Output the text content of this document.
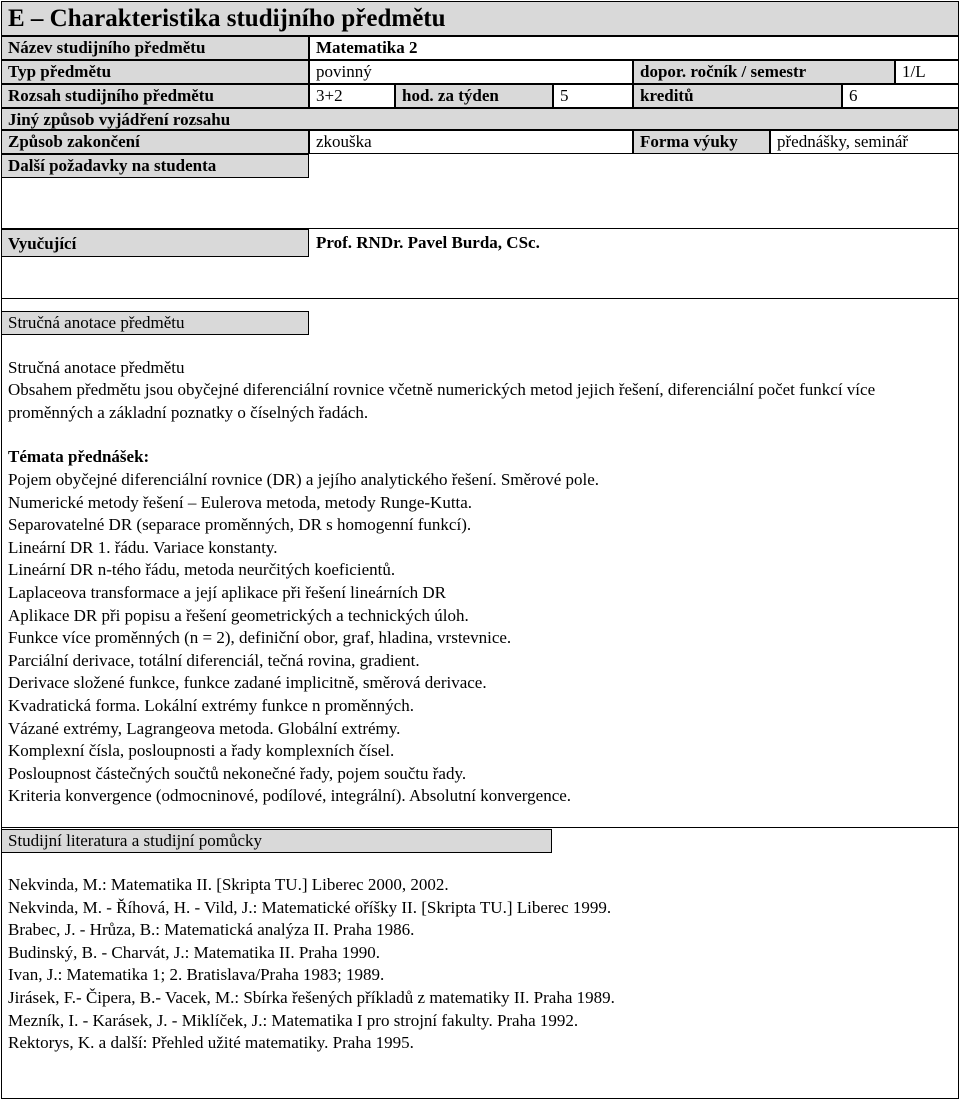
E – Charakteristika studijního předmětu
Název studijního předmětu	Matematika 2
Typ předmětu	povinný	dopor. ročník / semestr	1/L
Rozsah studijního předmětu	3+2	hod. za týden	5	kreditů	6
Jiný způsob vyjádření rozsahu
Způsob zakončení	zkouška	Forma výuky	přednášky, seminář
Další požadavky na studenta
Vyučující	Prof. RNDr. Pavel Burda, CSc.
Stručná anotace předmětu

Stručná anotace předmětu

Obsahem předmětu jsou obyčejné diferenciální rovnice včetně numerických metod jejich řešení, diferenciální počet funkcí více proměnných a základní poznatky o číselných řadách.

Témata přednášek:

Pojem obyčejné diferenciální rovnice (DR) a jejího analytického řešení. Směrové pole.

Numerické metody řešení – Eulerova metoda, metody Runge-Kutta.

Separovatelné DR (separace proměnných, DR s homogenní funkcí).

Lineární DR 1. řádu. Variace konstanty.

Lineární DR n-tého řádu, metoda neurčitých koeficientů.

Laplaceova transformace a její aplikace při řešení lineárních DR

Aplikace DR při popisu a řešení geometrických a technických úloh.

Funkce více proměnných (n = 2), definiční obor, graf, hladina, vrstevnice.

Parciální derivace, totální diferenciál, tečná rovina, gradient.

Derivace složené funkce, funkce zadané implicitně, směrová derivace.

Kvadratická forma. Lokální extrémy funkce n proměnných.

Vázané extrémy, Lagrangeova metoda. Globální extrémy.

Komplexní čísla, posloupnosti a řady komplexních čísel.

Posloupnost částečných součtů nekonečné řady, pojem součtu řady.

Kriteria konvergence (odmocninové, podílové, integrální). Absolutní konvergence.

Studijní literatura a studijní pomůcky

Nekvinda, M.: Matematika II. [Skripta TU.] Liberec 2000, 2002.

Nekvinda, M. - Říhová, H. - Vild, J.: Matematické oříšky II. [Skripta TU.] Liberec 1999.

Brabec, J. - Hrůza, B.: Matematická analýza II. Praha 1986.

Budinský, B. - Charvát, J.: Matematika II. Praha 1990.

Ivan, J.: Matematika 1; 2. Bratislava/Praha 1983; 1989.

Jirásek, F.- Čipera, B.- Vacek, M.: Sbírka řešených příkladů z matematiky II. Praha 1989.

Mezník, I. - Karásek, J. - Miklíček, J.: Matematika I pro strojní fakulty. Praha 1992.

Rektorys, K. a další: Přehled užité matematiky. Praha 1995.
